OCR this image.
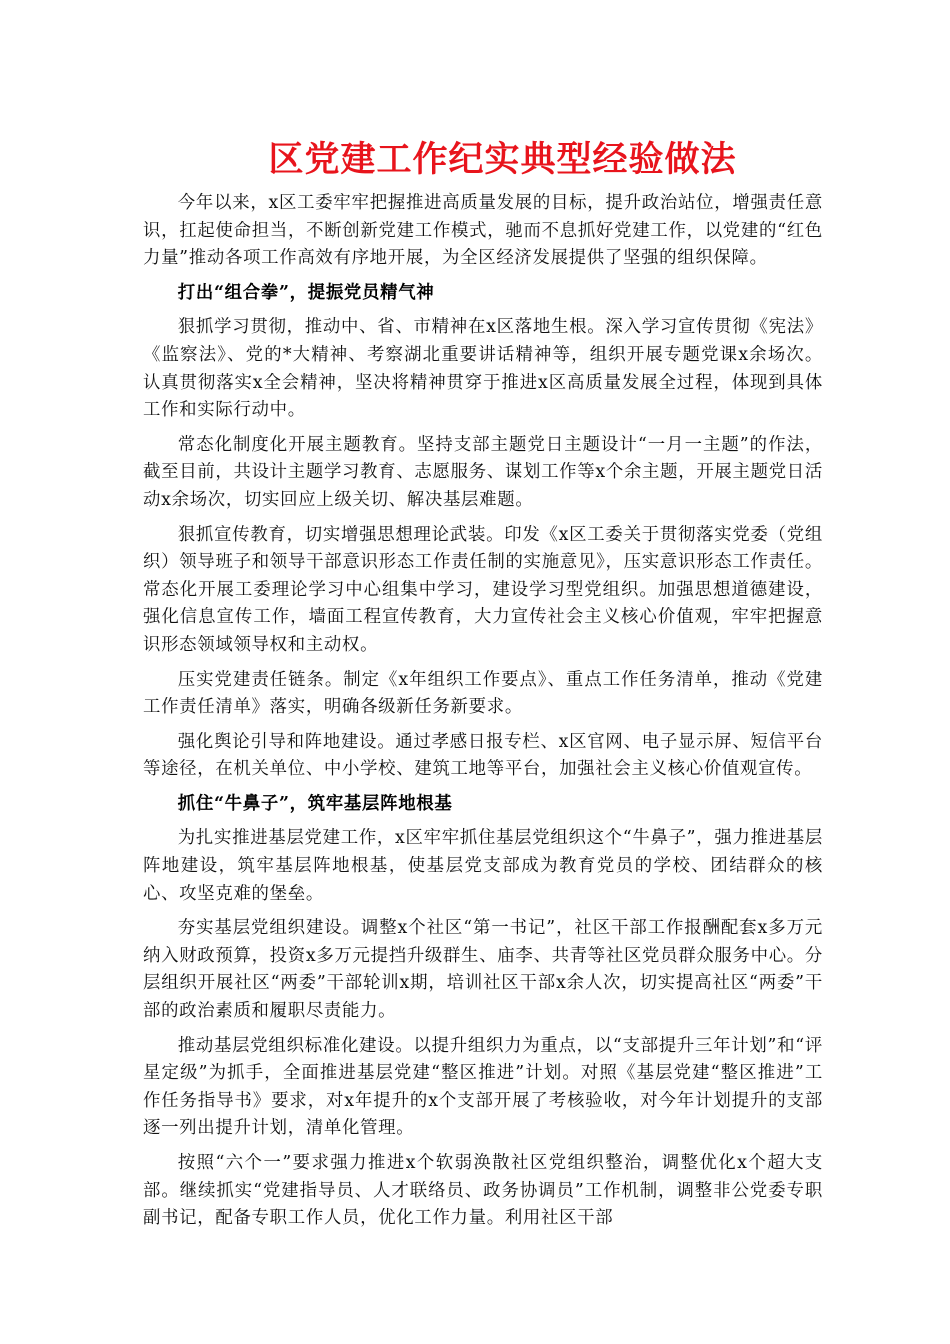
区党建工作纪实典型经验做法

今年以来，x区工委牢牢把握推进高质量发展的目标，提升政治站位，增强责任意识，扛起使命担当，不断创新党建工作模式，驰而不息抓好党建工作，以党建的“红色力量”推动各项工作高效有序地开展，为全区经济发展提供了坚强的组织保障。

打出“组合拳”，提振党员精气神

狠抓学习贯彻，推动中、省、市精神在x区落地生根。深入学习宣传贯彻《宪法》《监察法》、党的*大精神、考察湖北重要讲话精神等，组织开展专题党课x余场次。认真贯彻落实x全会精神，坚决将精神贯穿于推进x区高质量发展全过程，体现到具体工作和实际行动中。

常态化制度化开展主题教育。坚持支部主题党日主题设计“一月一主题”的作法，截至目前，共设计主题学习教育、志愿服务、谋划工作等x个余主题，开展主题党日活动x余场次，切实回应上级关切、解决基层难题。

狠抓宣传教育，切实增强思想理论武装。印发《x区工委关于贯彻落实党委（党组织）领导班子和领导干部意识形态工作责任制的实施意见》，压实意识形态工作责任。常态化开展工委理论学习中心组集中学习，建设学习型党组织。加强思想道德建设，强化信息宣传工作，墙面工程宣传教育，大力宣传社会主义核心价值观，牢牢把握意识形态领域领导权和主动权。

压实党建责任链条。制定《x年组织工作要点》、重点工作任务清单，推动《党建工作责任清单》落实，明确各级新任务新要求。

强化舆论引导和阵地建设。通过孝感日报专栏、x区官网、电子显示屏、短信平台等途径，在机关单位、中小学校、建筑工地等平台，加强社会主义核心价值观宣传。

抓住“牛鼻子”，筑牢基层阵地根基

为扎实推进基层党建工作，x区牢牢抓住基层党组织这个“牛鼻子”，强力推进基层阵地建设，筑牢基层阵地根基，使基层党支部成为教育党员的学校、团结群众的核心、攻坚克难的堡垒。

夯实基层党组织建设。调整x个社区“第一书记”，社区干部工作报酬配套x多万元纳入财政预算，投资x多万元提挡升级群生、庙李、共青等社区党员群众服务中心。分层组织开展社区“两委”干部轮训x期，培训社区干部x余人次，切实提高社区“两委”干部的政治素质和履职尽责能力。

推动基层党组织标准化建设。以提升组织力为重点，以“支部提升三年计划”和“评星定级”为抓手，全面推进基层党建“整区推进”计划。对照《基层党建“整区推进”工作任务指导书》要求，对x年提升的x个支部开展了考核验收，对今年计划提升的支部逐一列出提升计划，清单化管理。

按照“六个一”要求强力推进x个软弱涣散社区党组织整治，调整优化x个超大支部。继续抓实“党建指导员、人才联络员、政务协调员”工作机制，调整非公党委专职副书记，配备专职工作人员，优化工作力量。利用社区干部
